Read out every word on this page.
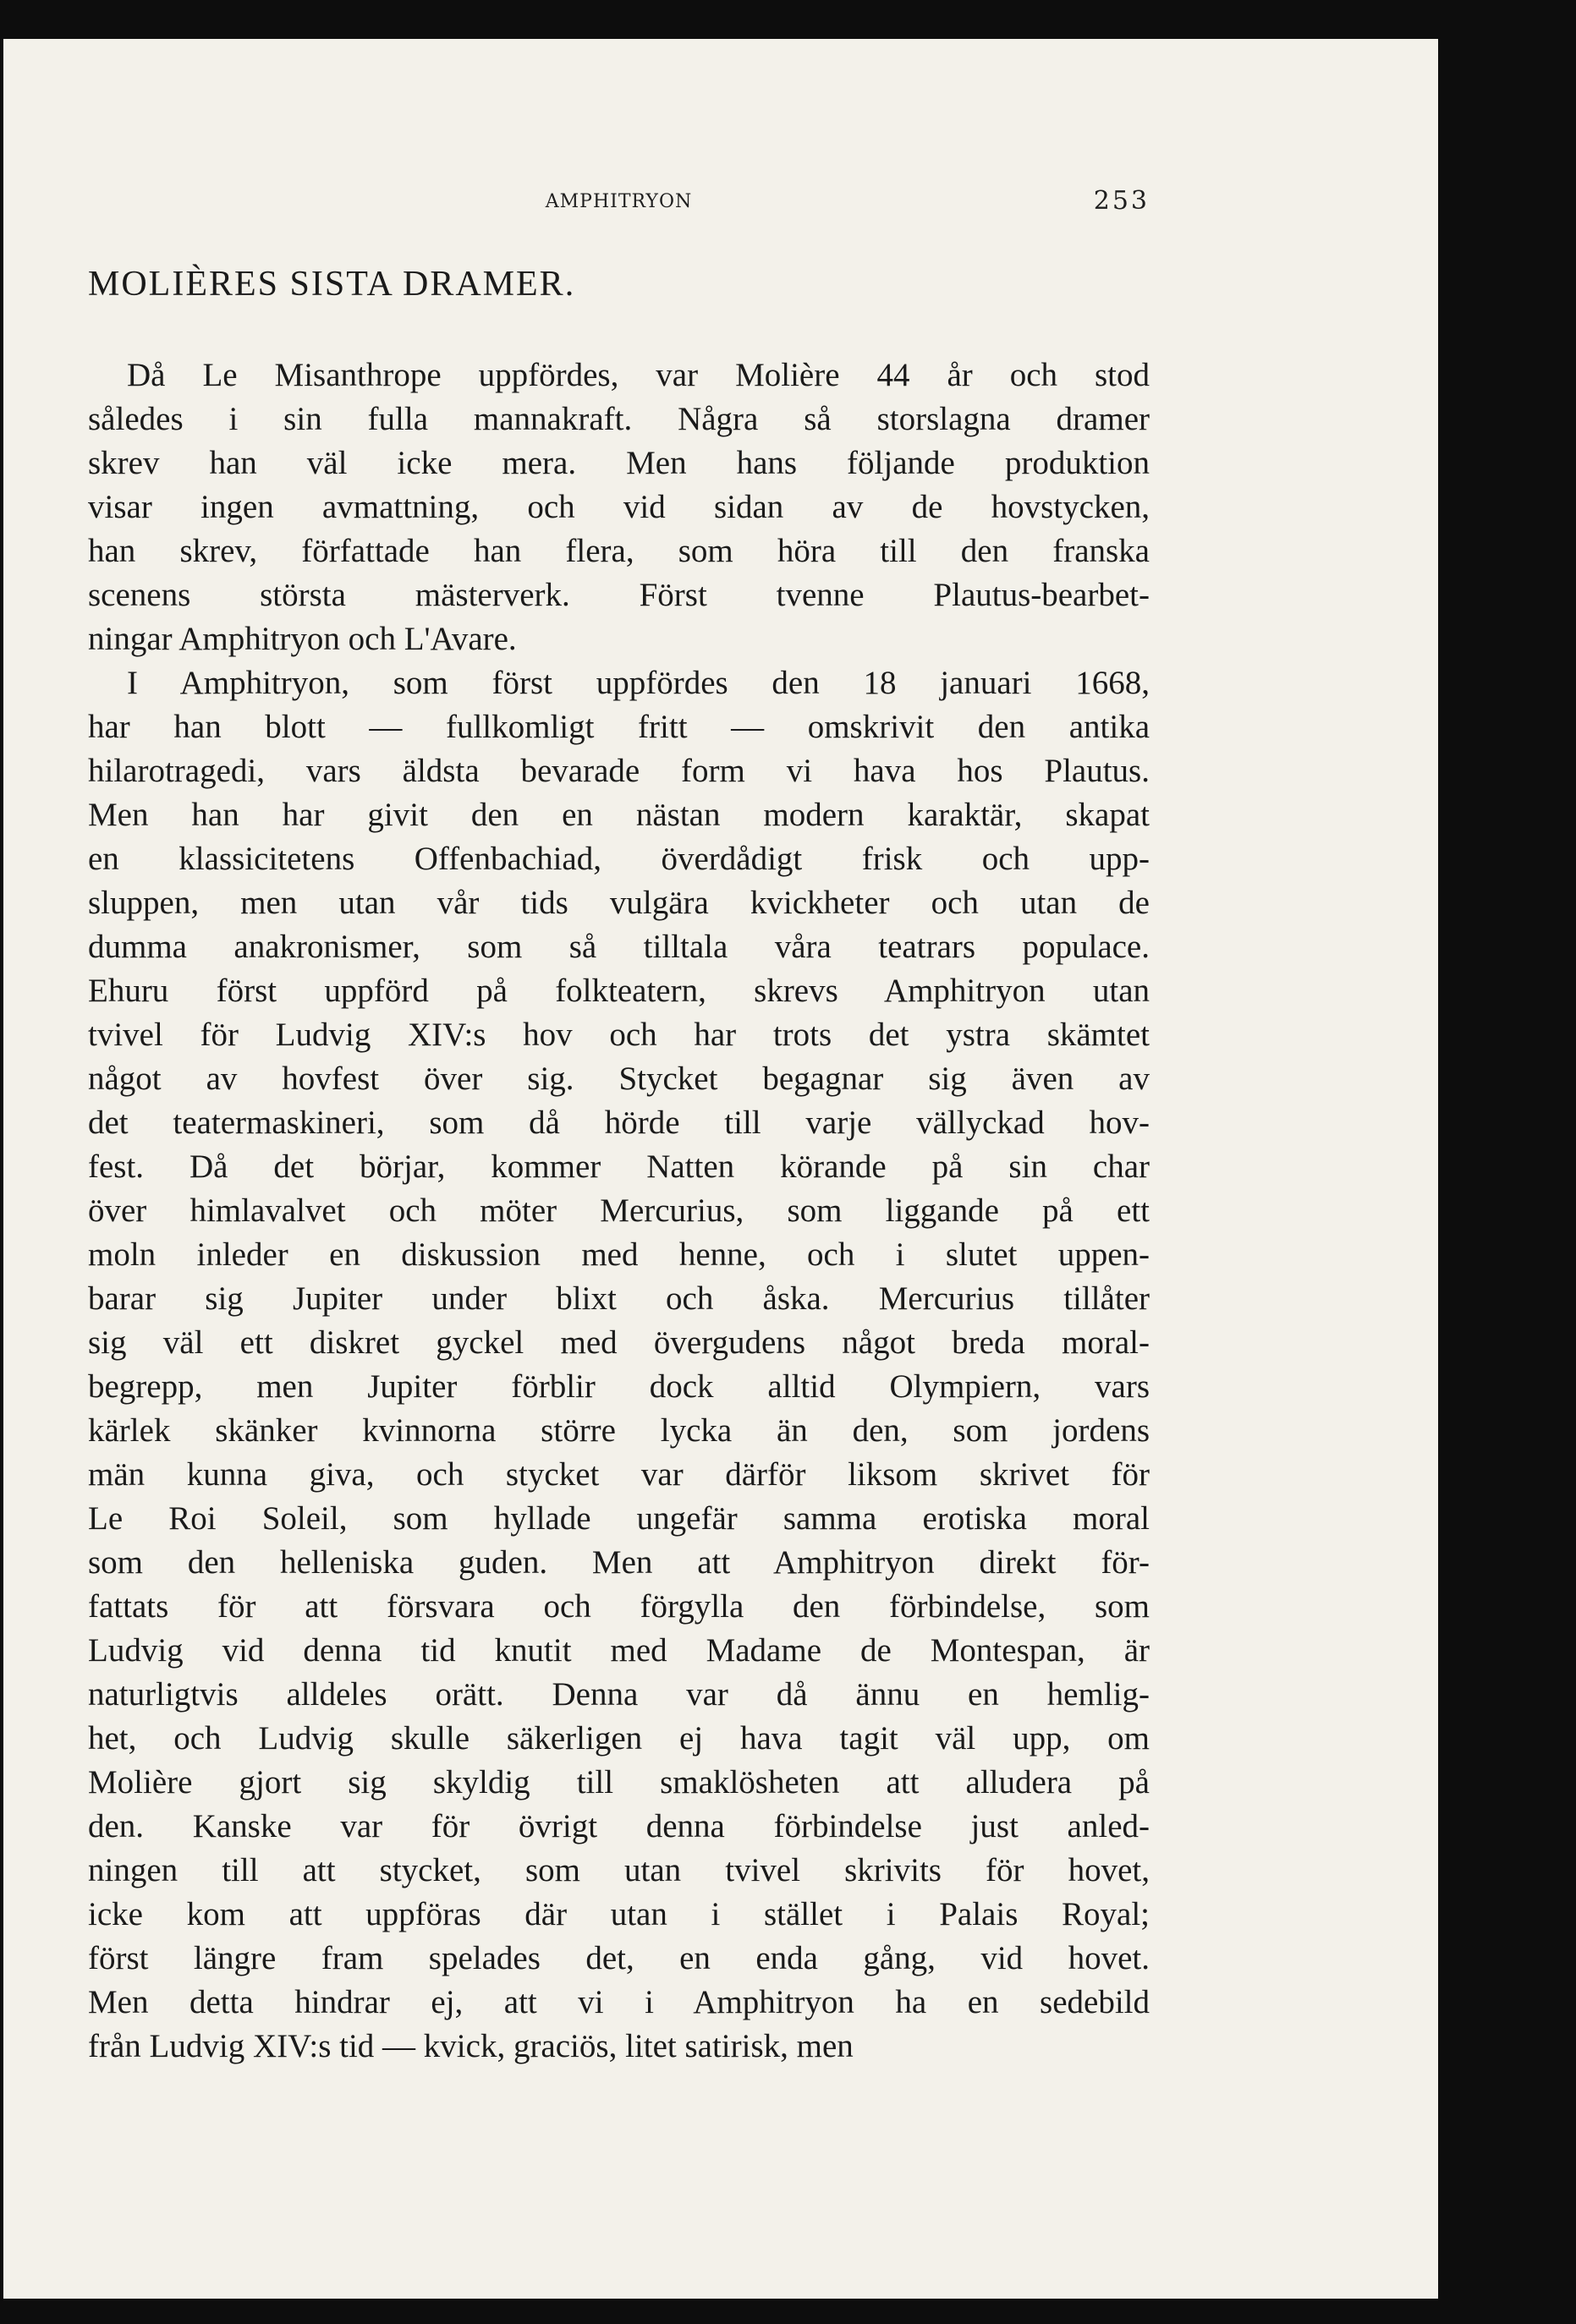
AMPHITRYON	253
MOLIÈRES SISTA DRAMER.
Då Le Misanthrope uppfördes, var Molière 44 år och stod
således i sin fulla mannakraft. Några så storslagna dramer
skrev han väl icke mera. Men hans följande produktion
visar ingen avmattning, och vid sidan av de hovstycken,
han skrev, författade han flera, som höra till den franska
scenens största mästerverk. Först tvenne Plautus-bearbet-
ningar Amphitryon och L'Avare.
I Amphitryon, som först uppfördes den 18 januari 1668,
har han blott — fullkomligt fritt — omskrivit den antika
hilarotragedi, vars äldsta bevarade form vi hava hos Plautus.
Men han har givit den en nästan modern karaktär, skapat
en klassicitetens Offenbachiad, överdådigt frisk och upp-
sluppen, men utan vår tids vulgära kvickheter och utan de
dumma anakronismer, som så tilltala våra teatrars populace.
Ehuru först uppförd på folkteatern, skrevs Amphitryon utan
tvivel för Ludvig XIV:s hov och har trots det ystra skämtet
något av hovfest över sig. Stycket begagnar sig även av
det teatermaskineri, som då hörde till varje vällyckad hov-
fest. Då det börjar, kommer Natten körande på sin char
över himlavalvet och möter Mercurius, som liggande på ett
moln inleder en diskussion med henne, och i slutet uppen-
barar sig Jupiter under blixt och åska. Mercurius tillåter
sig väl ett diskret gyckel med övergudens något breda moral-
begrepp, men Jupiter förblir dock alltid Olympiern, vars
kärlek skänker kvinnorna större lycka än den, som jordens
män kunna giva, och stycket var därför liksom skrivet för
Le Roi Soleil, som hyllade ungefär samma erotiska moral
som den helleniska guden. Men att Amphitryon direkt för-
fattats för att försvara och förgylla den förbindelse, som
Ludvig vid denna tid knutit med Madame de Montespan, är
naturligtvis alldeles orätt. Denna var då ännu en hemlig-
het, och Ludvig skulle säkerligen ej hava tagit väl upp, om
Molière gjort sig skyldig till smaklösheten att alludera på
den. Kanske var för övrigt denna förbindelse just anled-
ningen till att stycket, som utan tvivel skrivits för hovet,
icke kom att uppföras där utan i stället i Palais Royal;
först längre fram spelades det, en enda gång, vid hovet.
Men detta hindrar ej, att vi i Amphitryon ha en sedebild
från Ludvig XIV:s tid — kvick, graciös, litet satirisk, men
